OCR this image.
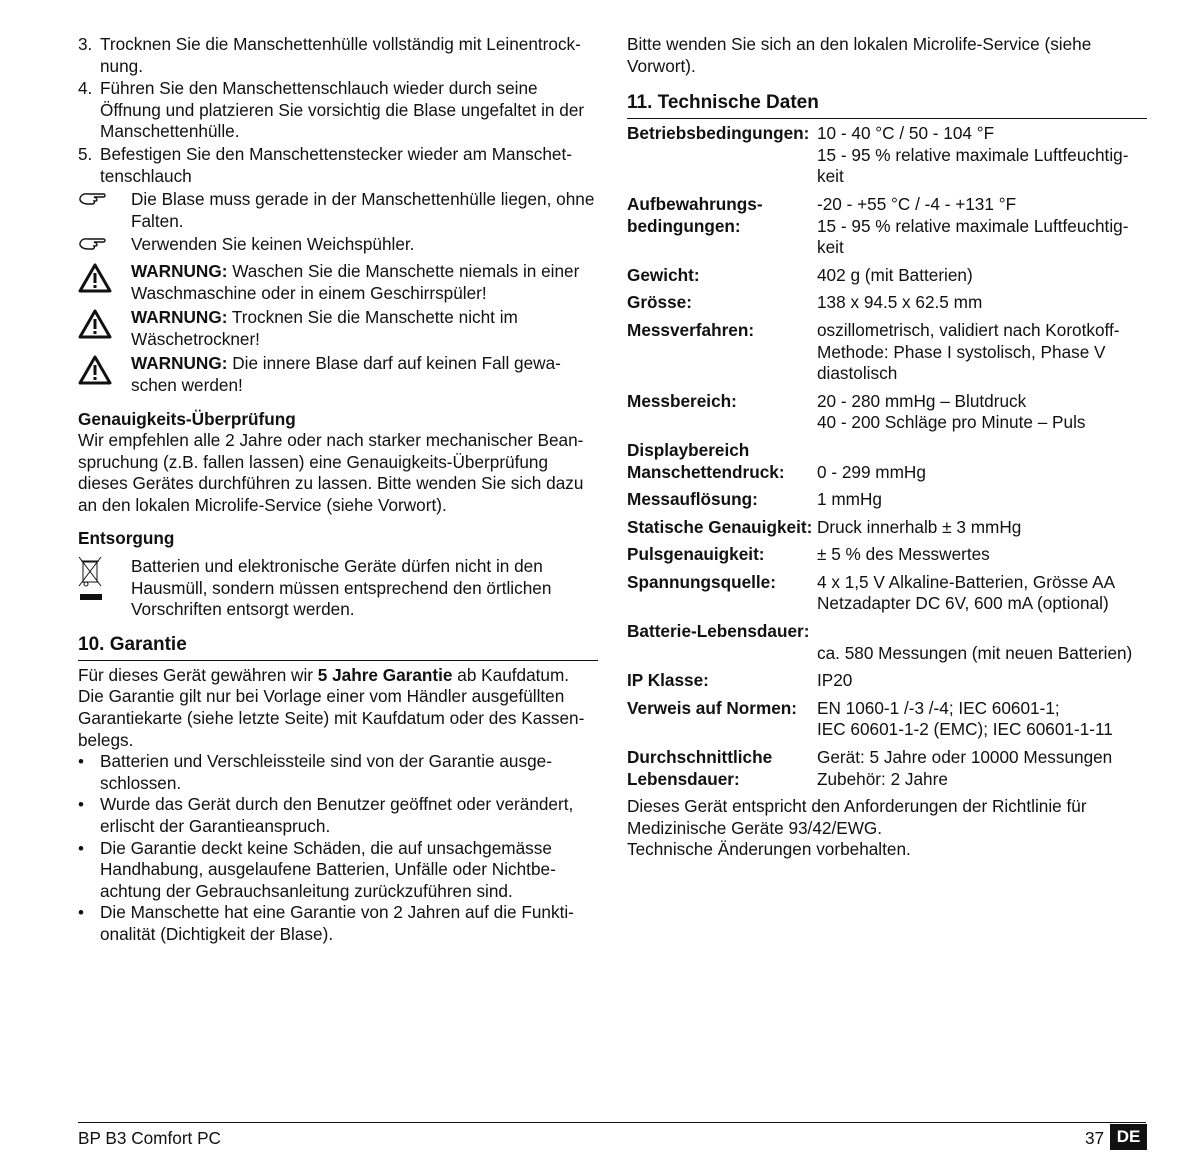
3. Trocknen Sie die Manschettenhülle vollständig mit Leinentrocknung.
4. Führen Sie den Manschettenschlauch wieder durch seine Öffnung und platzieren Sie vorsichtig die Blase ungefaltet in der Manschettenhülle.
5. Befestigen Sie den Manschettenstecker wieder am Manschettenschlauch
Die Blase muss gerade in der Manschettenhülle liegen, ohne Falten.
Verwenden Sie keinen Weichspühler.
WARNUNG: Waschen Sie die Manschette niemals in einer Waschmaschine oder in einem Geschirrspüler!
WARNUNG: Trocknen Sie die Manschette nicht im Wäschetrockner!
WARNUNG: Die innere Blase darf auf keinen Fall gewaschen werden!
Genauigkeits-Überprüfung

Wir empfehlen alle 2 Jahre oder nach starker mechanischer Beanspruchung (z.B. fallen lassen) eine Genauigkeits-Überprüfung dieses Gerätes durchführen zu lassen. Bitte wenden Sie sich dazu an den lokalen Microlife-Service (siehe Vorwort).

Entsorgung
Batterien und elektronische Geräte dürfen nicht in den Hausmüll, sondern müssen entsprechend den örtlichen Vorschriften entsorgt werden.
10. Garantie

Für dieses Gerät gewähren wir 5 Jahre Garantie ab Kaufdatum. Die Garantie gilt nur bei Vorlage einer vom Händler ausgefüllten Garantiekarte (siehe letzte Seite) mit Kaufdatum oder des Kassenbelegs.

• Batterien und Verschleissteile sind von der Garantie ausgeschlossen.
• Wurde das Gerät durch den Benutzer geöffnet oder verändert, erlischt der Garantieanspruch.
• Die Garantie deckt keine Schäden, die auf unsachgemässe Handhabung, ausgelaufene Batterien, Unfälle oder Nichtbeachtung der Gebrauchsanleitung zurückzuführen sind.
• Die Manschette hat eine Garantie von 2 Jahren auf die Funktionalität (Dichtigkeit der Blase).

Bitte wenden Sie sich an den lokalen Microlife-Service (siehe Vorwort).

11. Technische Daten
Betriebsbedingungen: 10 - 40 °C / 50 - 104 °F
15 - 95 % relative maximale Luftfeuchtigkeit
Aufbewahrungsbedingungen:
-20 - +55 °C / -4 - +131 °F
15 - 95 % relative maximale Luftfeuchtigkeit
Gewicht:	402 g (mit Batterien)
Grösse:	138 x 94.5 x 62.5 mm
Messverfahren:	oszillometrisch, validiert nach Korotkoff-Methode: Phase I systolisch, Phase V diastolisch
Messbereich:	20 - 280 mmHg – Blutdruck
40 - 200 Schläge pro Minute – Puls
Displaybereich Manschettendruck:	
0 - 299 mmHg
Messauflösung:	1 mmHg
Statische Genauigkeit: Druck innerhalb ± 3 mmHg
Pulsgenauigkeit:	± 5 % des Messwertes
Spannungsquelle:	4 x 1,5 V Alkaline-Batterien, Grösse AA
Netzadapter DC 6V, 600 mA (optional)
Batterie-Lebensdauer:

ca. 580 Messungen (mit neuen Batterien)
IP Klasse:	IP20
Verweis auf Normen:	EN 1060-1 /-3 /-4; IEC 60601-1;
IEC 60601-1-2 (EMC); IEC 60601-1-11
Durchschnittliche Lebensdauer:
Gerät: 5 Jahre oder 10000 Messungen
Zubehör: 2 Jahre

Dieses Gerät entspricht den Anforderungen der Richtlinie für Medizinische Geräte 93/42/EWG.
Technische Änderungen vorbehalten.

BP B3 Comfort PC	37 DE
